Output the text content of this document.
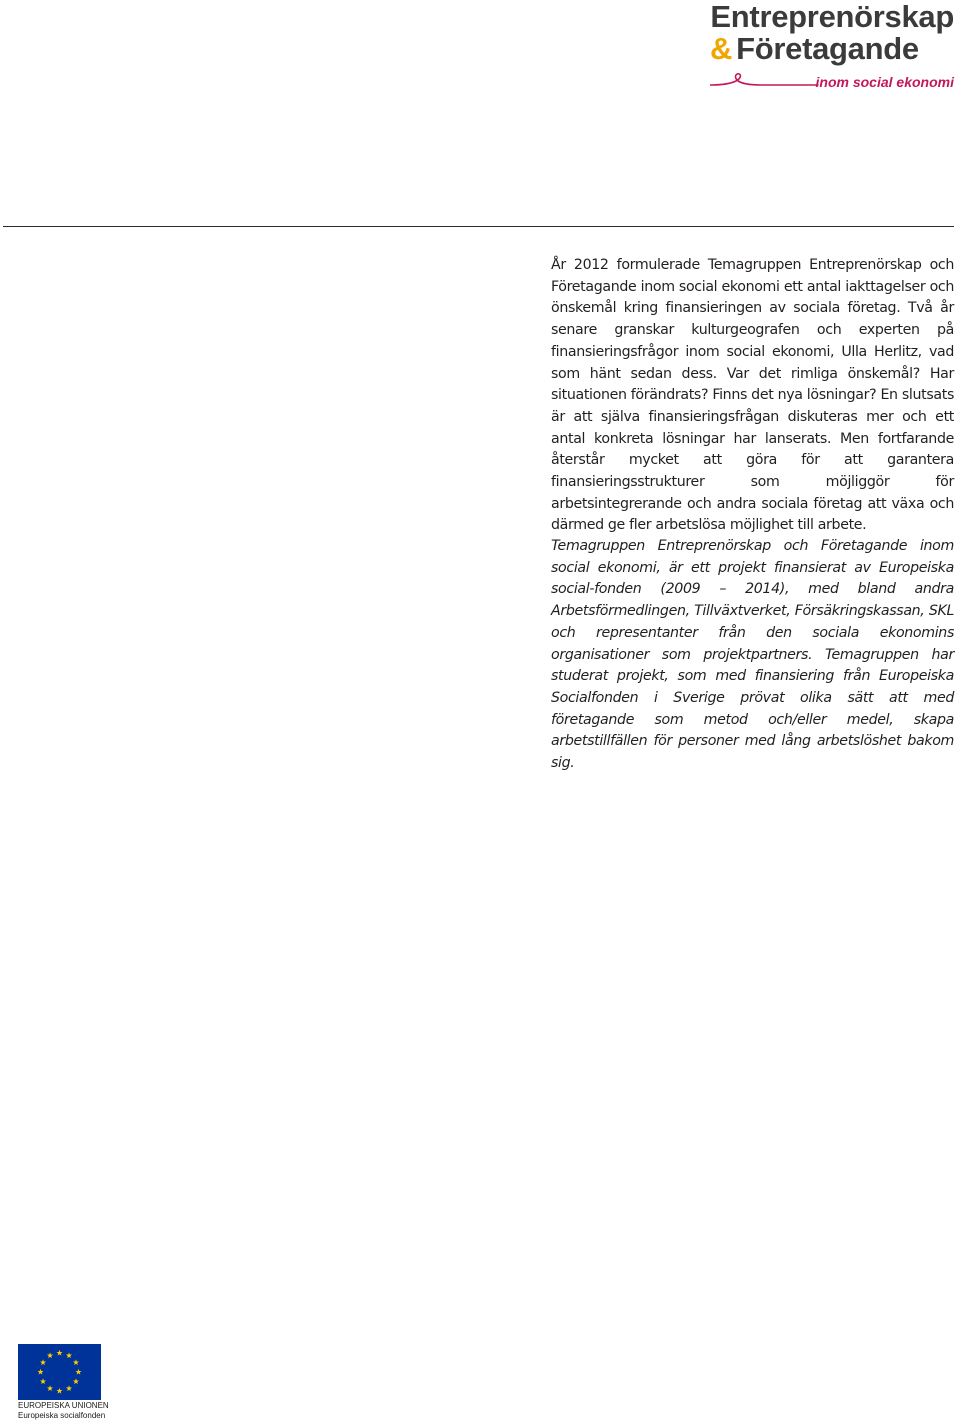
Entreprenörskap
& Företagande
inom social ekonomi

År 2012 formulerade Temagruppen Entreprenörskap och Företagande inom social ekonomi ett antal iakttagelser och önskemål kring finansieringen av sociala företag. Två år senare granskar kulturgeografen och experten på finansieringsfrågor inom social ekonomi, Ulla Herlitz, vad som hänt sedan dess. Var det rimliga önskemål? Har situationen förändrats? Finns det nya lösningar? En slutsats är att själva finansieringsfrågan diskuteras mer och ett antal konkreta lösningar har lanserats. Men fortfarande återstår mycket att göra för att garantera finansieringsstrukturer som möjliggör för arbetsintegrerande och andra sociala företag att växa och därmed ge fler arbetslösa möjlighet till arbete.

Temagruppen Entreprenörskap och Företagande inom social ekonomi, är ett projekt finansierat av Europeiska social-fonden (2009 – 2014), med bland andra Arbetsförmedlingen, Tillväxtverket, Försäkringskassan, SKL och representanter från den sociala ekonomins organisationer som projektpartners. Temagruppen har studerat projekt, som med finansiering från Europeiska Socialfonden i Sverige prövat olika sätt att med företagande som metod och/eller medel, skapa arbetstillfällen för personer med lång arbetslöshet bakom sig.

EUROPEISKA UNIONEN
Europeiska socialfonden
